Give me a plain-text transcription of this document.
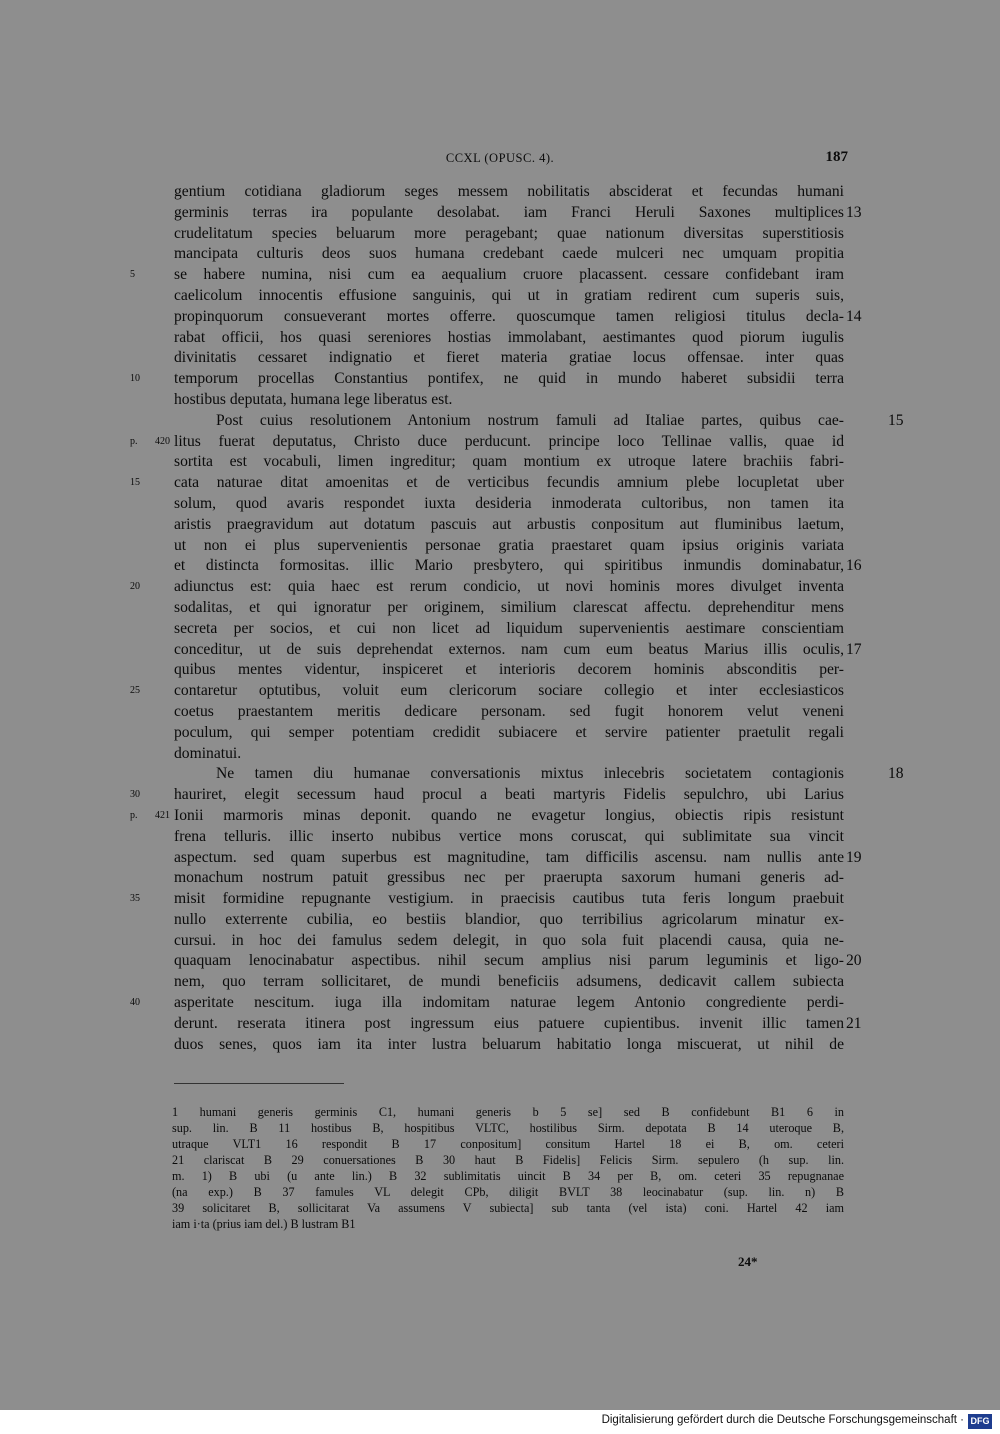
CCXL (OPUSC. 4).	187
gentium cotidiana gladiorum seges messem nobilitatis absciderat et fecundas humani
germinis terras ira populante desolabat. iam Franci Heruli Saxones multiplices 13
crudelitatum species beluarum more peragebant; quae nationum diversitas superstitiosis
mancipata culturis deos suos humana credebant caede mulceri nec umquam propitia
se habere numina, nisi cum ea aequalium cruore placassent. cessare confidebant iram
5
caelicolum innocentis effusione sanguinis, qui ut in gratiam redirent cum superis suis,
propinquorum consueverant mortes offerre. quoscumque tamen religiosi titulus decla- 14
rabat officii, hos quasi sereniores hostias immolabant, aestimantes quod piorum iugulis
divinitatis cessaret indignatio et fieret materia gratiae locus offensae. inter quas
temporum procellas Constantius pontifex, ne quid in mundo haberet subsidii terra
10
hostibus deputata, humana lege liberatus est.
Post cuius resolutionem Antonium nostrum famuli ad Italiae partes, quibus cae-	15
litus fuerat deputatus, Christo duce perducunt. principe loco Tellinae vallis, quae id
p. 420
sortita est vocabuli, limen ingreditur; quam montium ex utroque latere brachiis fabri-
cata naturae ditat amoenitas et de verticibus fecundis amnium plebe locupletat uber
15
solum, quod avaris respondet iuxta desideria inmoderata cultoribus, non tamen ita
aristis praegravidum aut dotatum pascuis aut arbustis conpositum aut fluminibus laetum,
ut non ei plus supervenientis personae gratia praestaret quam ipsius originis variata
et distincta formositas. illic Mario presbytero, qui spiritibus inmundis dominabatur, 16
adiunctus est: quia haec est rerum condicio, ut novi hominis mores divulget inventa
20
sodalitas, et qui ignoratur per originem, similium clarescat affectu. deprehenditur mens
secreta per socios, et cui non licet ad liquidum supervenientis aestimare conscientiam
conceditur, ut de suis deprehendat externos. nam cum eum beatus Marius illis oculis, 17
quibus mentes videntur, inspiceret et interioris decorem hominis absconditis per-
contaretur optutibus, voluit eum clericorum sociare collegio et inter ecclesiasticos
25
coetus praestantem meritis dedicare personam. sed fugit honorem velut veneni
poculum, qui semper potentiam credidit subiacere et servire patienter praetulit regali
dominatui.
Ne tamen diu humanae conversationis mixtus inlecebris societatem contagionis	18
hauriret, elegit secessum haud procul a beati martyris Fidelis sepulchro, ubi Larius
30
Ionii marmoris minas deponit. quando ne evagetur longius, obiectis ripis resistunt
p. 421
frena telluris. illic inserto nubibus vertice mons coruscat, qui sublimitate sua vincit
aspectum. sed quam superbus est magnitudine, tam difficilis ascensu. nam nullis ante 19
monachum nostrum patuit gressibus nec per praerupta saxorum humani generis ad-
misit formidine repugnante vestigium. in praecisis cautibus tuta feris longum praebuit
35
nullo exterrente cubilia, eo bestiis blandior, quo terribilius agricolarum minatur ex-
cursui. in hoc dei famulus sedem delegit, in quo sola fuit placendi causa, quia ne-
quaquam lenocinabatur aspectibus. nihil secum amplius nisi parum leguminis et ligo- 20
nem, quo terram sollicitaret, de mundi beneficiis adsumens, dedicavit callem subiecta
asperitate nescitum. iuga illa indomitam naturae legem Antonio congrediente perdi-
40
derunt. reserata itinera post ingressum eius patuere cupientibus. invenit illic tamen 21
duos senes, quos iam ita inter lustra beluarum habitatio longa miscuerat, ut nihil de
1 humani generis germinis C1, humani generis b 5 se] sed B confidebunt B1 6 in
sup. lin. B 11 hostibus B, hospitibus VLTC, hostilibus Sirm. depotata B 14 uteroque B,
utraque VLT1 16 respondit B 17 conpositum] consitum Hartel 18 ei B, om. ceteri
21 clariscat B 29 conuersationes B 30 haut B Fidelis] Felicis Sirm. sepulero (h sup. lin.
m. 1) B ubi (u ante lin.) B 32 sublimitatis uincit B 34 per B, om. ceteri 35 repugnanae
(na exp.) B 37 famules VL delegit CPb, diligit BVLT 38 leocinabatur (sup. lin. n) B
39 solicitaret B, sollicitarat Va assumens V subiecta] sub tanta (vel ista) coni. Hartel 42 iam
iam i·ta (prius iam del.) B lustram B1
24*
Digitalisierung gefördert durch die Deutsche Forschungsgemeinschaft · DFG
